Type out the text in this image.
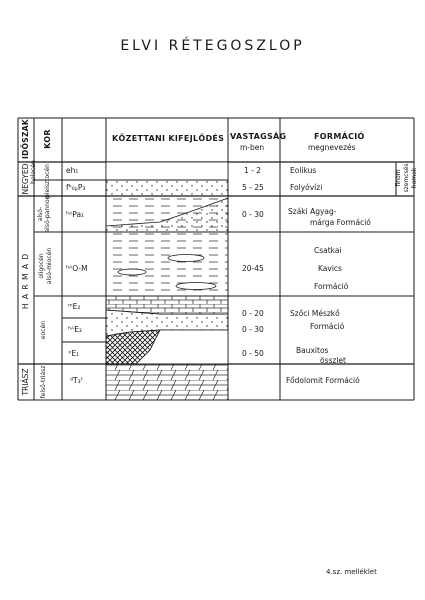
ELVI RÉTEGOSZLOP
IDŐSZAK KOR	KŐZETTANI KIFEJLŐDÉS VASTAGSÁG
m-ben
FORMÁCIÓ
megnevezés
NEGYED
H A R M A D
TRIÁSZ
holocén pleisztocén
alsó- alsó-pannon
oligocén alsó-miocén
eocén
felső-triász
eh₁
fʰ₀ₚP₃
ʰᴬPa₁
ʰᴬO-M
ᵐE₂
ʰᴬE₂
ˣE₁
ᵈT₃ᶠ
1 - 2
5 - 25
0 - 30
20-45
0 - 20
0 - 30
0 - 50
Eolikus
Folyóvízi
finom szemcsés homok
Száki Agyag-
márga Formáció
Csatkai
Kavics
Formáció
Szőci Mészkő
Formáció
Bauxitos
összlet
Fődolomit Formáció
4.sz. melléklet
